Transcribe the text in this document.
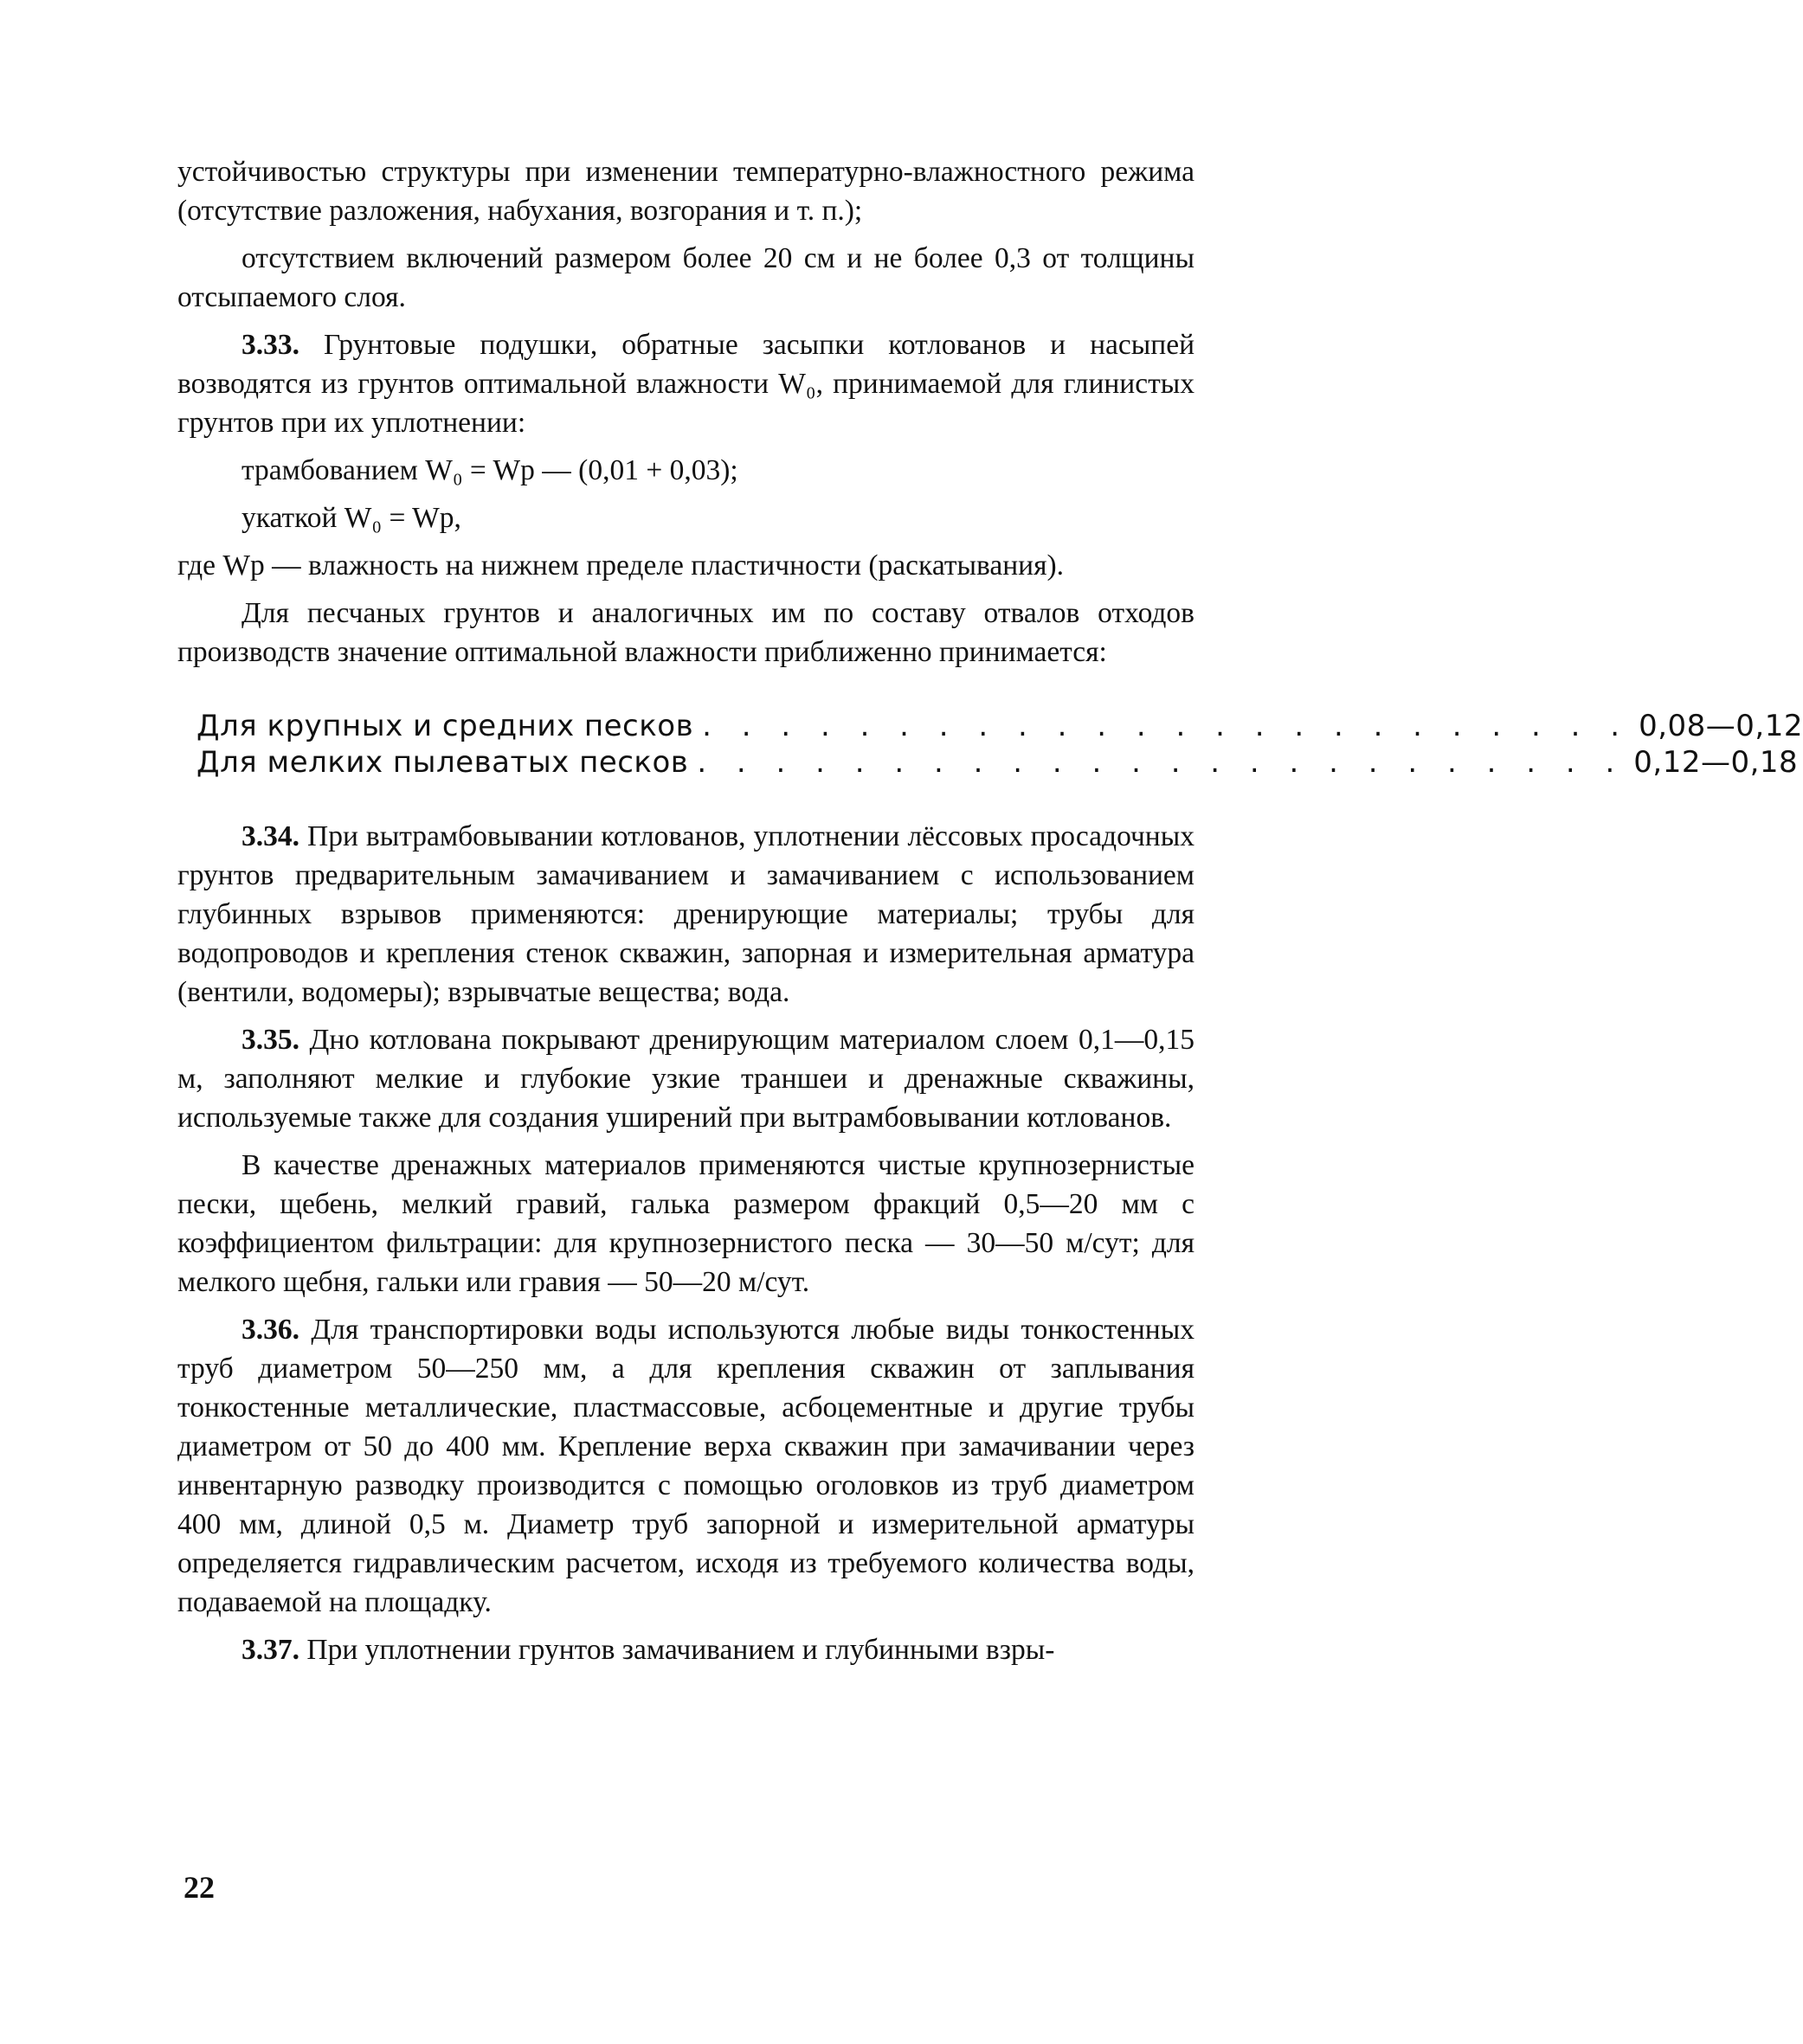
устойчивостью структуры при изменении температурно-влажностного режима (отсутствие разложения, набухания, возгорания и т. п.);

отсутствием включений размером более 20 см и не более 0,3 от толщины отсыпаемого слоя.

3.33. Грунтовые подушки, обратные засыпки котлованов и насыпей возводятся из грунтов оптимальной влажности W₀, принимаемой для глинистых грунтов при их уплотнении:

трамбованием W₀ = Wp — (0,01 + 0,03);
укаткой W₀ = Wp,

где Wp — влажность на нижнем пределе пластичности (раскатывания).

Для песчаных грунтов и аналогичных им по составу отвалов отходов производств значение оптимальной влажности приближенно принимается:

Для крупных и средних песков . . . . . . . . . . . . . . . . . . . . . . . . 0,08—0,12
Для мелких пылеватых песков . . . . . . . . . . . . . . . . . . . . . . . . 0,12—0,18

3.34. При вытрамбовывании котлованов, уплотнении лёссовых просадочных грунтов предварительным замачиванием и замачиванием с использованием глубинных взрывов применяются: дренирующие материалы; трубы для водопроводов и крепления стенок скважин, запорная и измерительная арматура (вентили, водомеры); взрывчатые вещества; вода.

3.35. Дно котлована покрывают дренирующим материалом слоем 0,1—0,15 м, заполняют мелкие и глубокие узкие траншеи и дренажные скважины, используемые также для создания уширений при вытрамбовывании котлованов.

В качестве дренажных материалов применяются чистые крупнозернистые пески, щебень, мелкий гравий, галька размером фракций 0,5—20 мм с коэффициентом фильтрации: для крупнозернистого песка — 30—50 м/сут; для мелкого щебня, гальки или гравия — 50—20 м/сут.

3.36. Для транспортировки воды используются любые виды тонкостенных труб диаметром 50—250 мм, а для крепления скважин от заплывания тонкостенные металлические, пластмассовые, асбоцементные и другие трубы диаметром от 50 до 400 мм. Крепление верха скважин при замачивании через инвентарную разводку производится с помощью оголовков из труб диаметром 400 мм, длиной 0,5 м. Диаметр труб запорной и измерительной арматуры определяется гидравлическим расчетом, исходя из требуемого количества воды, подаваемой на площадку.

3.37. При уплотнении грунтов замачиванием и глубинными взры-

22
